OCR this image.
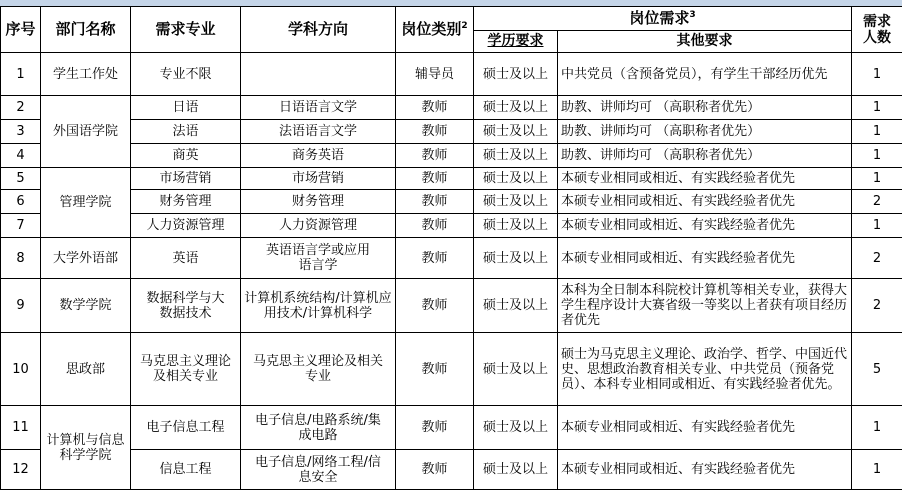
序号	部门名称	需求专业	学科方向	岗位类别$^2$	岗位需求$^3$		需求人数
					学历要求	其他要求	
1	学生工作处	专业不限		辅导员	硕士及以上	中共党员（含预备党员），有学生干部经历优先	1
2	外国语学院	日语	日语语言文学	教师	硕士及以上	助教、讲师均可 （高职称者优先）	1
3		法语	法语语言文学	教师	硕士及以上	助教、讲师均可 （高职称者优先）	1
4		商英	商务英语	教师	硕士及以上	助教、讲师均可 （高职称者优先）	1
5	管理学院	市场营销	市场营销	教师	硕士及以上	本硕专业相同或相近、有实践经验者优先	1
6		财务管理	财务管理	教师	硕士及以上	本硕专业相同或相近、有实践经验者优先	2
7		人力资源管理	人力资源管理	教师	硕士及以上	本硕专业相同或相近、有实践经验者优先	1
8	大学外语部	英语	英语语言学或应用语言学	教师	硕士及以上	本硕专业相同或相近、有实践经验者优先	2
9	数学学院	数据科学与大数据技术	计算机系统结构/计算机应用技术/计算机科学	教师	硕士及以上	本科为全日制本科院校计算机等相关专业，获得大学生程序设计大赛省级一等奖以上者获有项目经历者优先	2
10	思政部	马克思主义理论及相关专业	马克思主义理论及相关专业	教师	硕士及以上	硕士为马克思主义理论、政治学、哲学、中国近代史、思想政治教育相关专业、中共党员（预备党员）、本科专业相同或相近、有实践经验者优先。	5
11	计算机与信息科学学院	电子信息工程	电子信息/电路系统/集成电路	教师	硕士及以上	本硕专业相同或相近、有实践经验者优先	1
12		信息工程	电子信息/网络工程/信息安全	教师	硕士及以上	本硕专业相同或相近、有实践经验者优先	1
